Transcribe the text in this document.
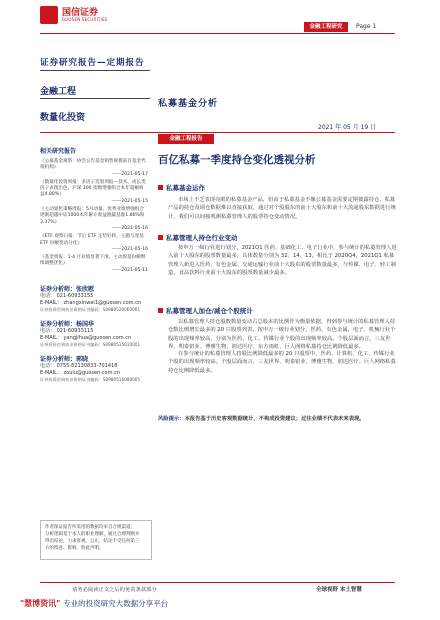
国信证券
GUOSEN SECURITIES
金融工程研究	Page 1
证券研究报告—定期报告
金融工程
私募基金分析
数量化投资
2021 年 05 月 19 日
金融工程报告
百亿私募一季度持仓变化透视分析
相关研究报告
《公募基金观察：协会公告基金销售规模前百基金代销机构》
——2021-05-17
《数量化投资周报：多因子选股周报—技术、成长类因子表现出色，沪深 300 指数增强组合本年超额收益4.80%》
——2021-05-15
《主动量化策略周报：5月动量、优秀业绩增强组合逐渐超越中证1000本年累计收益跑赢基准1.86%和 3.37%》
——2021-05-16
《ETF 观察日报：节后 ETF 走势好转，主题与宽基ETF 份额变动分化》
——2021-05-16
《基金周报：1-4 月业绩显著下滑，主动股基份额继续调整优化》
——2021-05-11
证券分析师：张欣慰
电话： 021-60933155
E-MAIL： zhangxinwei1@guosen.com.cn
证券投资咨询执业资格证书编码：S0980520060001
证券分析师：杨国华
电话： 021-60933115
E-MAIL： yangjihua@guosen.com.cn
证券投资咨询执业资格证书编码：S0980515010001
证券分析师：郭晓
电话： 0755-82130833-701418
E-MAIL： zoulu@guosen.com.cn
证券投资咨询执业资格证书编码：S0980516080005
私募基金运作
市场上不乏表现亮眼的私募基金产品，但由于私募基金不像公募基金需要定期披露持仓，私募产品的持仓及调仓数据难以直接获取，通过对个股股东的前十大股东和前十大流通股东数据进行统计，我们可以间接观测私募管理人的股票持仓变动情况。
私募管理人持仓行业变动
按申万一级行业进行划分，2021Q1 医药、基础化工、电子行业中，参与统计的私募管理人进入前十大股东的股票数量最多，具体数量分别为 32、14、13。相比于 2020Q4，2021Q1 私募管理人新进入医药、有色金属、交通运输行业前十大股东的股票数量最多，与传媒、电子、轻工制造、食品饮料行业前十大股东的股票数量减少最多。
私募管理人加仓/减仓个股统计
以私募管理人持仓股数数量变动占总股本的比例作为衡量依据，得到参与统计的私募管理人持仓数比例增长最多的 20 只股票列表。按申万一级行业划分，医药、有色金属、电子、机械行业个股的出现频率较高，分别为医药、化工、传媒行业个股的出现频率较高。个股层面而言，三友世界、明泰铝业、博雅生物、润达医疗、东方雨虹、巨人网络私募持仓比例降低最多。
在参与统计的私募管理人持股比例降低最多的 20 只股票中，医药、计算机、化工、传媒行业个股的出现频率较高。个股层面而言，三友世界、明泰铝业、博雅生物、润达医疗、巨人网络私募持仓比例降低最多。
风险提示：本报告基于历史客观数据统计，不构成投资建议；过往业绩不代表未来表现。
作者保证报告所采用的数据均来自合规渠道，
分析逻辑基于本人的职业理解，通过合理判断并
得出结论，力求客观、公正，结论不受任何第三
方的授意、影响，特此声明。
请务必阅读正文之后的免责条款部分	全球视野 本土智慧
"慧博资讯" 专业的投资研究大数据分享平台
